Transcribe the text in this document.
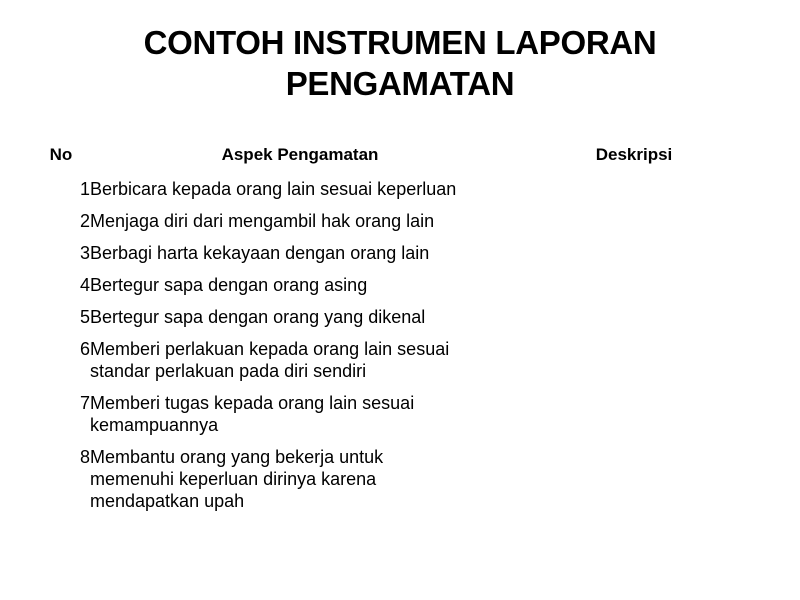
CONTOH INSTRUMEN LAPORAN
PENGAMATAN
No	Aspek Pengamatan	Deskripsi
1	Berbicara kepada orang lain sesuai keperluan	
2	Menjaga diri dari mengambil hak orang lain	
3	Berbagi harta kekayaan dengan orang lain	
4	Bertegur sapa dengan orang asing	
5	Bertegur sapa dengan orang yang dikenal	
6	Memberi perlakuan kepada orang lain sesuai
standar perlakuan pada diri sendiri	

7	Memberi tugas kepada orang lain sesuai
kemampuannya	

8	Membantu orang yang bekerja untuk
memenuhi keperluan dirinya karena
mendapatkan upah	
